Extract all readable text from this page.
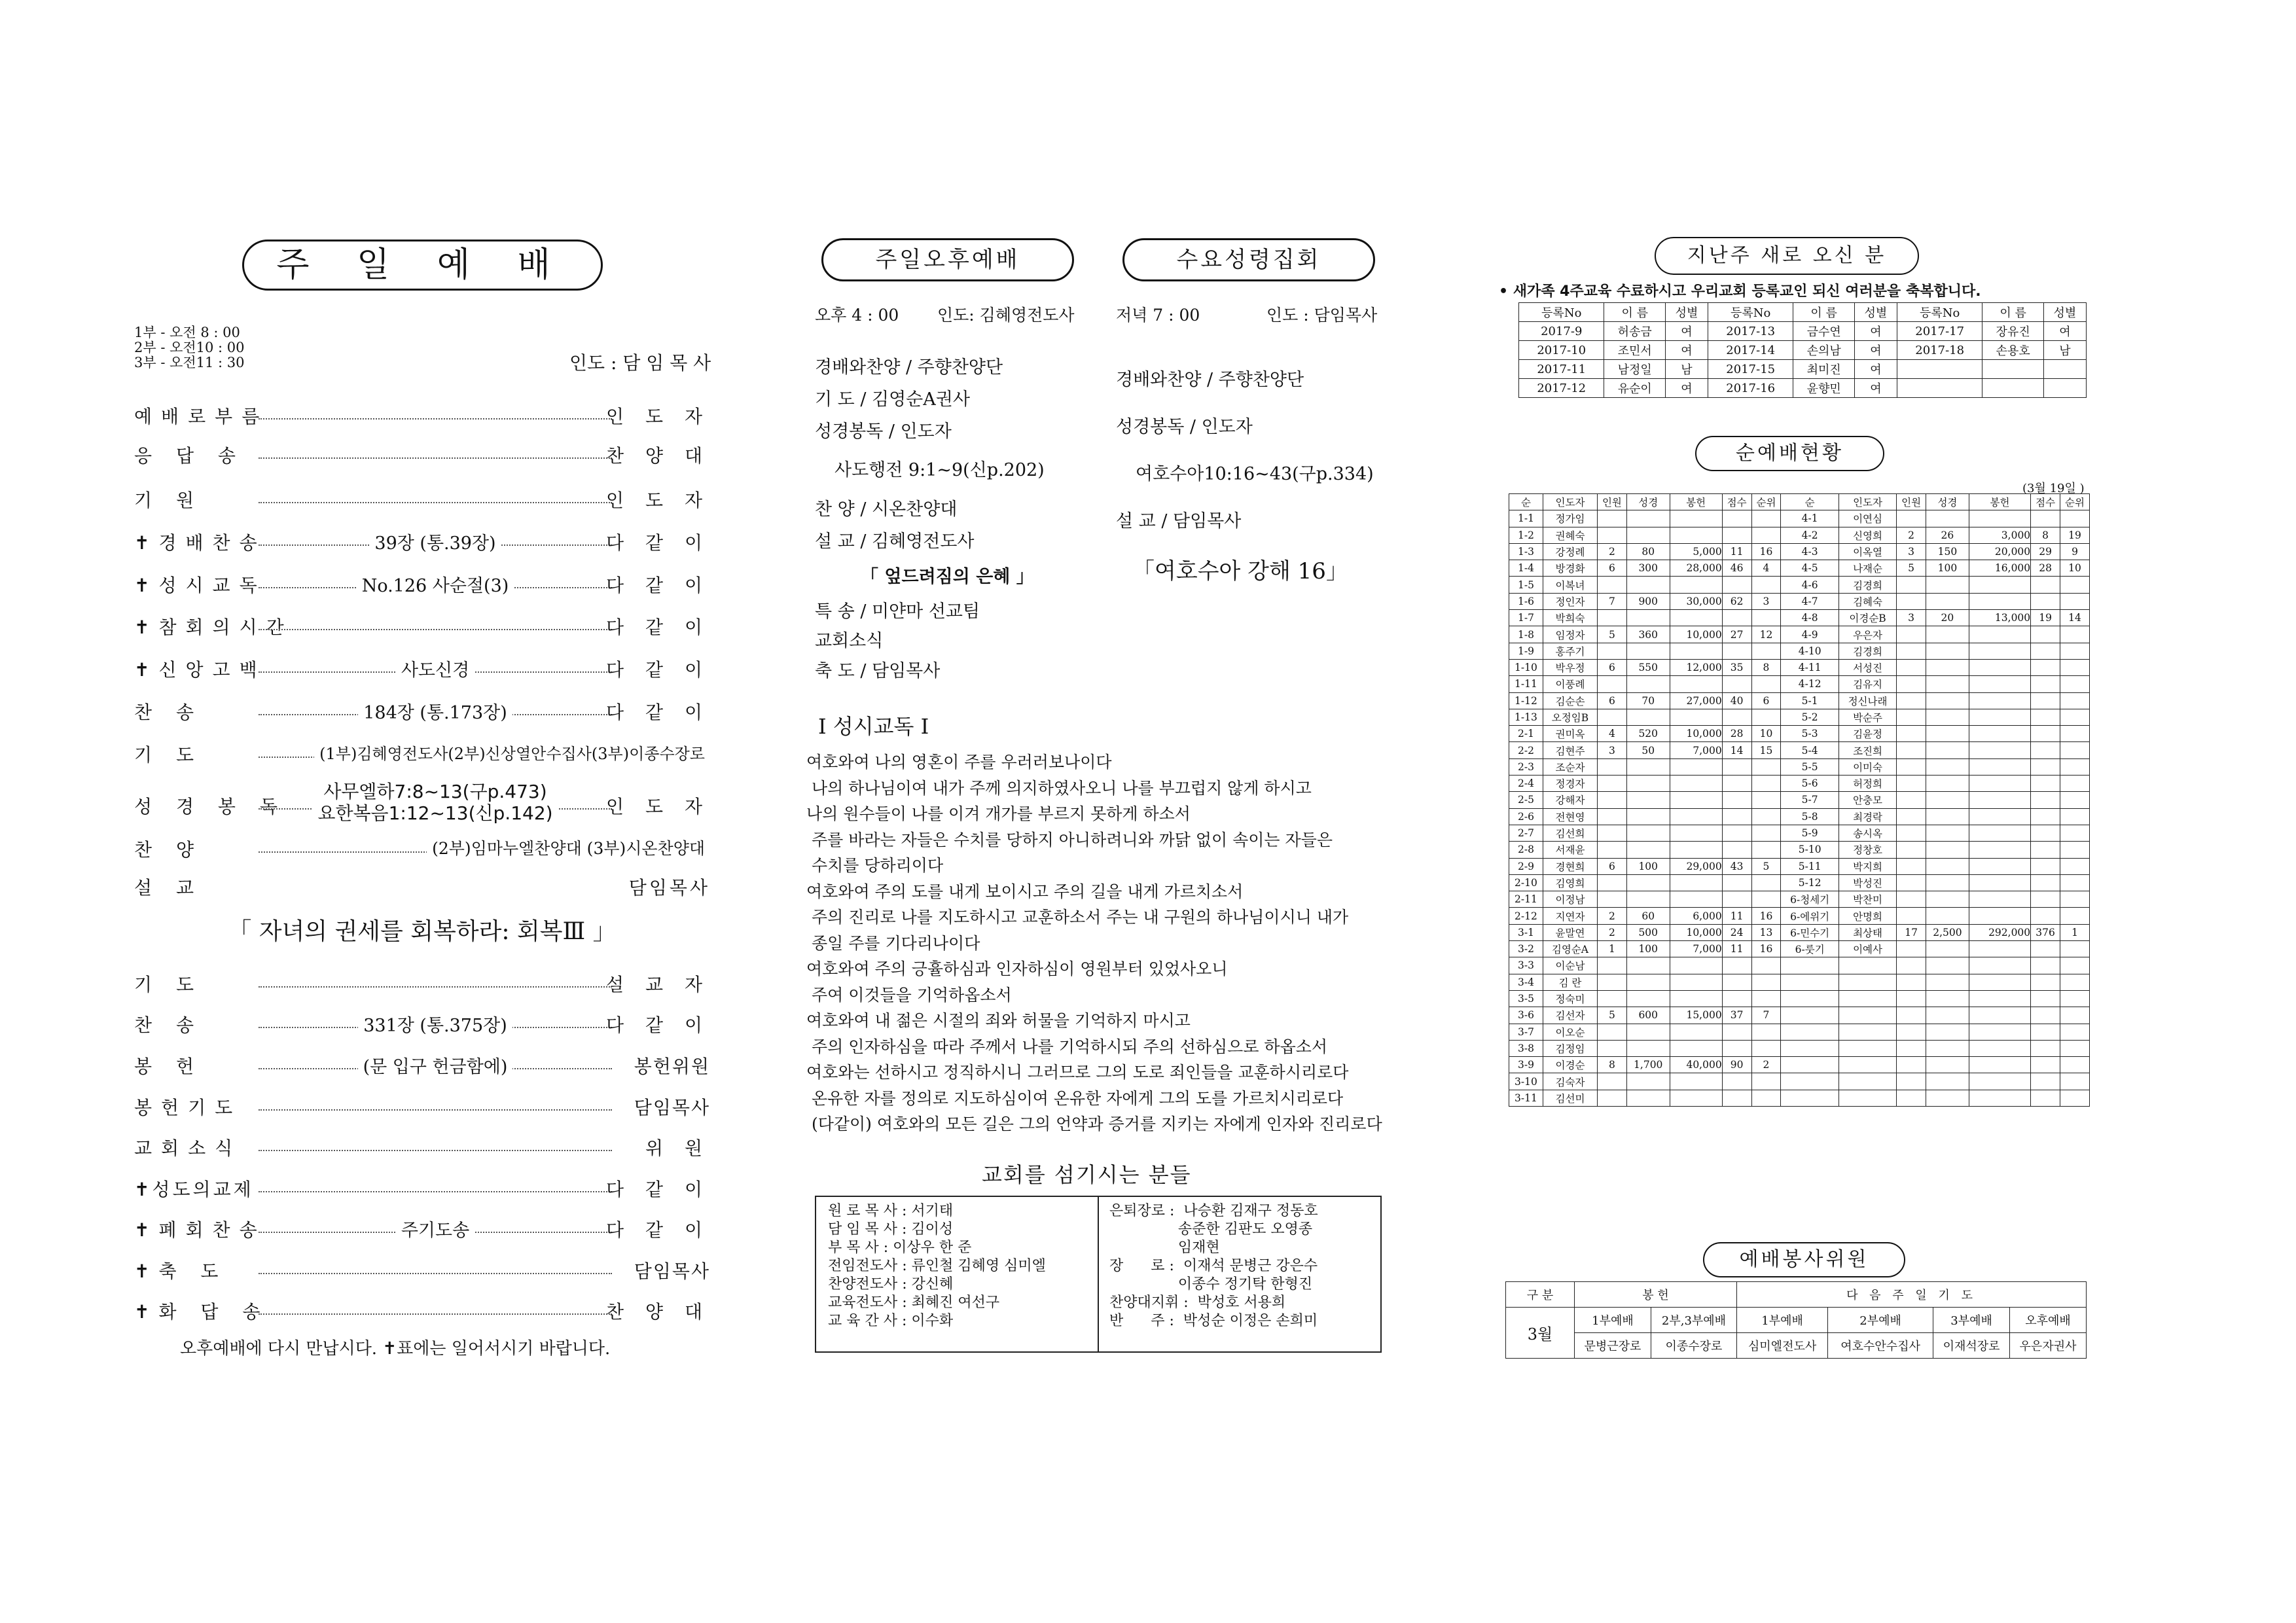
주 일 예 배
1부 - 오전 8 : 00
2부 - 오전10 : 00
3부 - 오전11 : 30	인도 : 담 임 목 사
예배로부름	인 도 자
응 답 송	찬 양 대
기 원	인 도 자
✝경배찬송	39장 (통.39장)	다 같 이
✝성시교독	No.126 사순절(3)	다 같 이
✝참회의시간	다 같 이
✝신앙고백	사도신경	다 같 이
찬 송	184장 (통.173장)	다 같 이
기 도	(1부)김혜영전도사(2부)신상열안수집사(3부)이종수장로
성 경 봉 독
사무엘하7:8~13(구p.473)
요한복음1:12~13(신p.142)	인 도 자
찬 양	(2부)임마누엘찬양대 (3부)시온찬양대
설 교	담임목사
「 자녀의 권세를 회복하라: 회복Ⅲ 」
기 도	설 교 자
찬 송	331장 (통.375장)	다 같 이
봉 헌	(문 입구 헌금함에)	봉헌위원
봉헌기도	담임목사
교회소식	위 원
✝성도의교제	다 같 이
✝폐회찬송	주기도송	다 같 이
✝축 도	담임목사
✝화 답 송	찬 양 대
오후예배에 다시 만납시다. ✝표에는 일어서시기 바랍니다.
주일오후예배	수요성령집회
오후 4 : 00 인도: 김혜영전도사
경배와찬양 / 주향찬양단
기 도 / 김영순A권사
성경봉독 / 인도자
사도행전 9:1~9(신p.202)
찬 양 / 시온찬양대
설 교 / 김혜영전도사
「 엎드려짐의 은혜 」
특 송 / 미얀마 선교팀
교회소식
축 도 / 담임목사
저녁 7 : 00	인도 : 담임목사
경배와찬양 / 주향찬양단
성경봉독 / 인도자
여호수아10:16~43(구p.334)
설 교 / 담임목사
「여호수아 강해 16」
Ⅰ 성시교독 Ⅰ

여호와여 나의 영혼이 주를 우러러보나이다

나의 하나님이여 내가 주께 의지하였사오니 나를 부끄럽지 않게 하시고

나의 원수들이 나를 이겨 개가를 부르지 못하게 하소서

주를 바라는 자들은 수치를 당하지 아니하려니와 까닭 없이 속이는 자들은

수치를 당하리이다

여호와여 주의 도를 내게 보이시고 주의 길을 내게 가르치소서

주의 진리로 나를 지도하시고 교훈하소서 주는 내 구원의 하나님이시니 내가

종일 주를 기다리나이다

여호와여 주의 긍휼하심과 인자하심이 영원부터 있었사오니

주여 이것들을 기억하옵소서

여호와여 내 젊은 시절의 죄와 허물을 기억하지 마시고

주의 인자하심을 따라 주께서 나를 기억하시되 주의 선하심으로 하옵소서

여호와는 선하시고 정직하시니 그러므로 그의 도로 죄인들을 교훈하시리로다

온유한 자를 정의로 지도하심이여 온유한 자에게 그의 도를 가르치시리로다

(다같이) 여호와의 모든 길은 그의 언약과 증거를 지키는 자에게 인자와 진리로다

교회를 섬기시는 분들
원 로 목 사 : 서기태
담 임 목 사 : 김이성
부 목 사 : 이상우 한 준
전임전도사 : 류인철 김혜영 심미엘
찬양전도사 : 강신혜
교육전도사 : 최혜진 여선구
교 육 간 사 : 이수화
은퇴장로 :  나승환 김재구 정동호
송준한 김판도 오영종
임재현
장      로 :  이재석 문병근 강은수
이종수 정기탁 한형진
찬양대지휘 :  박성호 서용희
반      주 :  박성순 이정은 손희미
지난주 새로 오신 분
• 새가족 4주교육 수료하시고 우리교회 등록교인 되신 여러분을 축복합니다.
등록No	이 름	성별	등록No	이 름	성별	등록No	이 름	성별
2017-9	허송금	여	2017-13	금수연	여	2017-17	장유진	여
2017-10	조민서	여	2017-14	손의남	여	2017-18	손용호	남
2017-11	남정일	남	2017-15	최미진	여			
2017-12	유순이	여	2017-16	윤향민	여			
순예배현황
(3월 19일 )
순	인도자	인원	성경	봉헌	점수	순위	순	인도자	인원	성경	봉헌	점수	순위
1-1	정가임						4-1	이연심					
1-2	권혜숙						4-2	신영희	2	26	3,000	8	19
1-3	강정례	2	80	5,000	11	16	4-3	이옥열	3	150	20,000	29	9
1-4	방경화	6	300	28,000	46	4	4-5	나재순	5	100	16,000	28	10
1-5	이복녀						4-6	김경희					
1-6	정인자	7	900	30,000	62	3	4-7	김혜숙					
1-7	박희숙						4-8	이경순B	3	20	13,000	19	14
1-8	임정자	5	360	10,000	27	12	4-9	우은자					
1-9	홍주기						4-10	김경희					
1-10	박우정	6	550	12,000	35	8	4-11	서성진					
1-11	이풍례						4-12	김유지					
1-12	김순손	6	70	27,000	40	6	5-1	정신나래					
1-13	오정임B						5-2	박순주					
2-1	권미옥	4	520	10,000	28	10	5-3	김윤정					
2-2	김현주	3	50	7,000	14	15	5-4	조진희					
2-3	조순자						5-5	이미숙					
2-4	정경자						5-6	허정희					
2-5	강해자						5-7	안충모					
2-6	전현영						5-8	최경락					
2-7	김선희						5-9	송시옥					
2-8	서재윤						5-10	정창호					
2-9	경현희	6	100	29,000	43	5	5-11	박지희					
2-10	김영희						5-12	박성진					
2-11	이정남						6-청세기	박찬미					
2-12	지연자	2	60	6,000	11	16	6-에위기	안명희					
3-1	윤말연	2	500	10,000	24	13	6-민수기	최상태	17	2,500	292,000	376	1
3-2	김영순A	1	100	7,000	11	16	6-룻기	이예사					
3-3	이순남												
3-4	김 란												
3-5	정숙미												
3-6	김선자	5	600	15,000	37	7							
3-7	이오순												
3-8	김정임												
3-9	이경순	8	1,700	40,000	90	2							
3-10	김숙자												
3-11	김선미												
예배봉사위원
구 분	봉 헌		다 음 주 일 기 도			
3월	1부예배	2부,3부예배	1부예배	2부예배	3부예배	오후예배
	문병근장로	이종수장로	심미엘전도사	여호수안수집사	이재석장로	우은자권사
